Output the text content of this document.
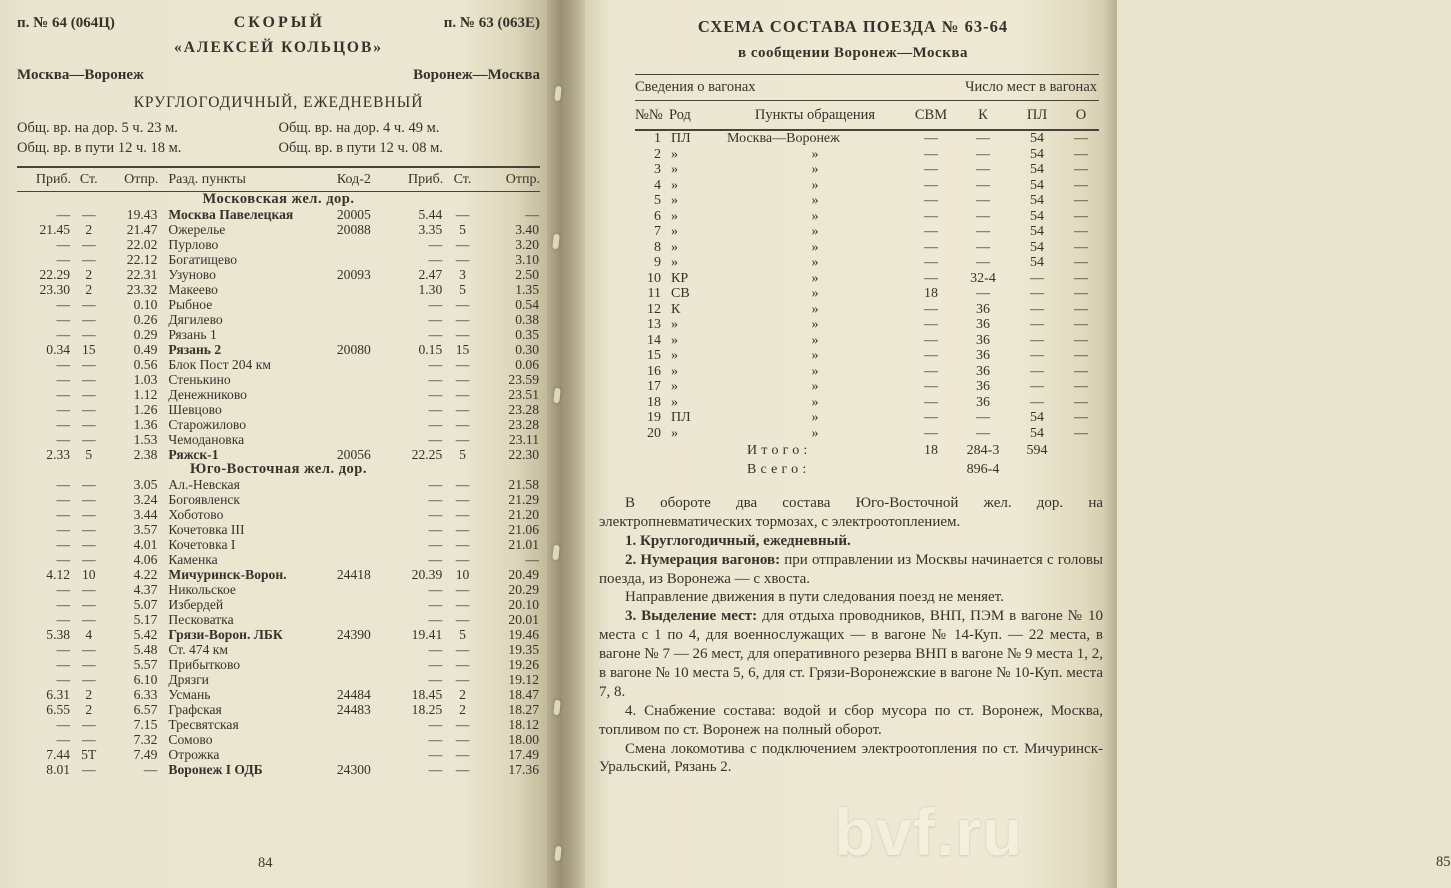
п. № 64 (064Ц)	СКОРЫЙ	п. № 63 (063Е)
«АЛЕКСЕЙ КОЛЬЦОВ»
Москва—Воронеж	Воронеж—Москва
КРУГЛОГОДИЧНЫЙ, ЕЖЕДНЕВНЫЙ
Общ. вр. на дор. 5 ч. 23 м.	Общ. вр. на дор. 4 ч. 49 м.
Общ. вр. в пути 12 ч. 18 м.	Общ. вр. в пути 12 ч. 08 м.
Приб.	Ст.	Отпр.	Разд. пункты	Код-2	Приб.	Ст.	Отпр.
Московская жел. дор.							
—	—	19.43	Москва Павелецкая	20005	5.44	—	—
21.45	2	21.47	Ожерелье	20088	3.35	5	3.40
—	—	22.02	Пурлово		—	—	3.20
—	—	22.12	Богатищево		—	—	3.10
22.29	2	22.31	Узуново	20093	2.47	3	2.50
23.30	2	23.32	Макеево		1.30	5	1.35
—	—	0.10	Рыбное		—	—	0.54
—	—	0.26	Дягилево		—	—	0.38
—	—	0.29	Рязань 1		—	—	0.35
0.34	15	0.49	Рязань 2	20080	0.15	15	0.30
—	—	0.56	Блок Пост 204 км		—	—	0.06
—	—	1.03	Стенькино		—	—	23.59
—	—	1.12	Денежниково		—	—	23.51
—	—	1.26	Шевцово		—	—	23.28
—	—	1.36	Старожилово		—	—	23.28
—	—	1.53	Чемодановка		—	—	23.11
2.33	5	2.38	Ряжск-1	20056	22.25	5	22.30
Юго-Восточная жел. дор.							
—	—	3.05	Ал.-Невская		—	—	21.58
—	—	3.24	Богоявленск		—	—	21.29
—	—	3.44	Хоботово		—	—	21.20
—	—	3.57	Кочетовка III		—	—	21.06
—	—	4.01	Кочетовка I		—	—	21.01
—	—	4.06	Каменка		—	—	—
4.12	10	4.22	Мичуринск-Ворон.	24418	20.39	10	20.49
—	—	4.37	Никольское		—	—	20.29
—	—	5.07	Избердей		—	—	20.10
—	—	5.17	Песковатка		—	—	20.01
5.38	4	5.42	Грязи-Ворон. ЛБК	24390	19.41	5	19.46
—	—	5.48	Ст. 474 км		—	—	19.35
—	—	5.57	Прибытково		—	—	19.26
—	—	6.10	Дрязги		—	—	19.12
6.31	2	6.33	Усмань	24484	18.45	2	18.47
6.55	2	6.57	Графская	24483	18.25	2	18.27
—	—	7.15	Тресвятская		—	—	18.12
—	—	7.32	Сомово		—	—	18.00
7.44	5Т	7.49	Отрожка		—	—	17.49
8.01	—	—	Воронеж I ОДБ	24300	—	—	17.36
84
СХЕМА СОСТАВА ПОЕЗДА № 63-64
в сообщении Воронеж—Москва
Сведения о вагонах			Число мест в вагонах			
№№	Род	Пункты обращения	СВМ	К	ПЛ	О
1	ПЛ	Москва—Воронеж	—	—	54	—
2	»	»	—	—	54	—
3	»	»	—	—	54	—
4	»	»	—	—	54	—
5	»	»	—	—	54	—
6	»	»	—	—	54	—
7	»	»	—	—	54	—
8	»	»	—	—	54	—
9	»	»	—	—	54	—
10	КР	»	—	32-4	—	—
11	СВ	»	18	—	—	—
12	К	»	—	36	—	—
13	»	»	—	36	—	—
14	»	»	—	36	—	—
15	»	»	—	36	—	—
16	»	»	—	36	—	—
17	»	»	—	36	—	—
18	»	»	—	36	—	—
19	ПЛ	»	—	—	54	—
20	»	»	—	—	54	—
Итого:			18	284-3	594	
Всего:				896-4		

В обороте два состава Юго-Восточной жел. дор. на электропневматических тормозах, с электроотоплением.

1. Круглогодичный, ежедневный.

2. Нумерация вагонов: при отправлении из Москвы начинается с головы поезда, из Воронежа — с хвоста.

Направление движения в пути следования поезд не меняет.

3. Выделение мест: для отдыха проводников, ВНП, ПЭМ в вагоне № 10 места с 1 по 4, для военнослужащих — в вагоне № 14-Куп. — 22 места, в вагоне № 7 — 26 мест, для оперативного резерва ВНП в вагоне № 9 места 1, 2, в вагоне № 10 места 5, 6, для ст. Грязи-Воронежские в вагоне № 10-Куп. места 7, 8.

4. Снабжение состава: водой и сбор мусора по ст. Воронеж, Москва, топливом по ст. Воронеж на полный оборот.

Смена локомотива с подключением электроотопления по ст. Мичуринск-Уральский, Рязань 2.

85
bvf.ru
